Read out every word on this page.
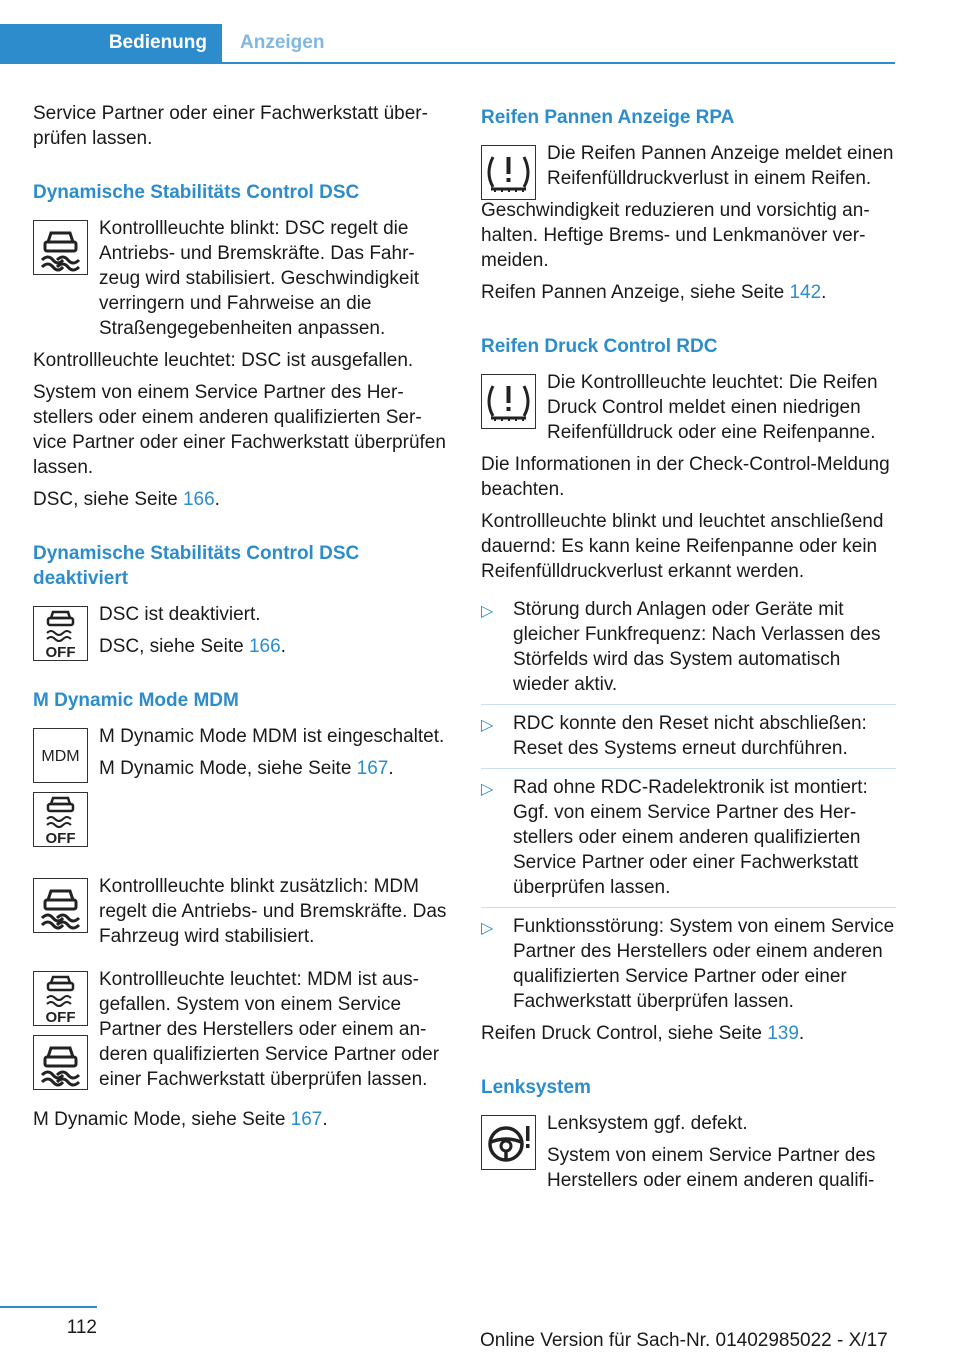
Bedienung	Anzeigen

Service Partner oder einer Fachwerkstatt überprüfen lassen.

Dynamische Stabilitäts Control DSC

Kontrollleuchte blinkt: DSC regelt die Antriebs- und Bremskräfte. Das Fahrzeug wird stabilisiert. Geschwindigkeit verringern und Fahrweise an die Straßengegebenheiten anpassen.

Kontrollleuchte leuchtet: DSC ist ausgefallen.

System von einem Service Partner des Herstellers oder einem anderen qualifizierten Service Partner oder einer Fachwerkstatt überprüfen lassen.

DSC, siehe Seite 166.

Dynamische Stabilitäts Control DSC deaktiviert
OFF

DSC ist deaktiviert.

DSC, siehe Seite 166.

M Dynamic Mode MDM
MDM
OFF

M Dynamic Mode MDM ist eingeschaltet.

M Dynamic Mode, siehe Seite 167.

Kontrollleuchte blinkt zusätzlich: MDM regelt die Antriebs- und Bremskräfte. Das Fahrzeug wird stabilisiert.

OFF

Kontrollleuchte leuchtet: MDM ist ausgefallen. System von einem Service Partner des Herstellers oder einem anderen qualifizierten Service Partner oder einer Fachwerkstatt überprüfen lassen.

M Dynamic Mode, siehe Seite 167.

Reifen Pannen Anzeige RPA

Die Reifen Pannen Anzeige meldet einen Reifenfülldruckverlust in einem Reifen.

Geschwindigkeit reduzieren und vorsichtig anhalten. Heftige Brems- und Lenkmanöver vermeiden.

Reifen Pannen Anzeige, siehe Seite 142.

Reifen Druck Control RDC

Die Kontrollleuchte leuchtet: Die Reifen Druck Control meldet einen niedrigen Reifenfülldruck oder eine Reifenpanne.

Die Informationen in der Check-Control-Meldung beachten.

Kontrollleuchte blinkt und leuchtet anschließend dauernd: Es kann keine Reifenpanne oder kein Reifenfülldruckverlust erkannt werden.

▷ Störung durch Anlagen oder Geräte mit gleicher Funkfrequenz: Nach Verlassen des Störfelds wird das System automatisch wieder aktiv.
▷ RDC konnte den Reset nicht abschließen: Reset des Systems erneut durchführen.
▷ Rad ohne RDC-Radelektronik ist montiert: Ggf. von einem Service Partner des Herstellers oder einem anderen qualifizierten Service Partner oder einer Fachwerkstatt überprüfen lassen.
▷ Funktionsstörung: System von einem Service Partner des Herstellers oder einem anderen qualifizierten Service Partner oder einer Fachwerkstatt überprüfen lassen.

Reifen Druck Control, siehe Seite 139.

Lenksystem

Lenksystem ggf. defekt.

System von einem Service Partner des Herstellers oder einem anderen qualifi-

112
Online Version für Sach-Nr. 01402985022 - X/17
